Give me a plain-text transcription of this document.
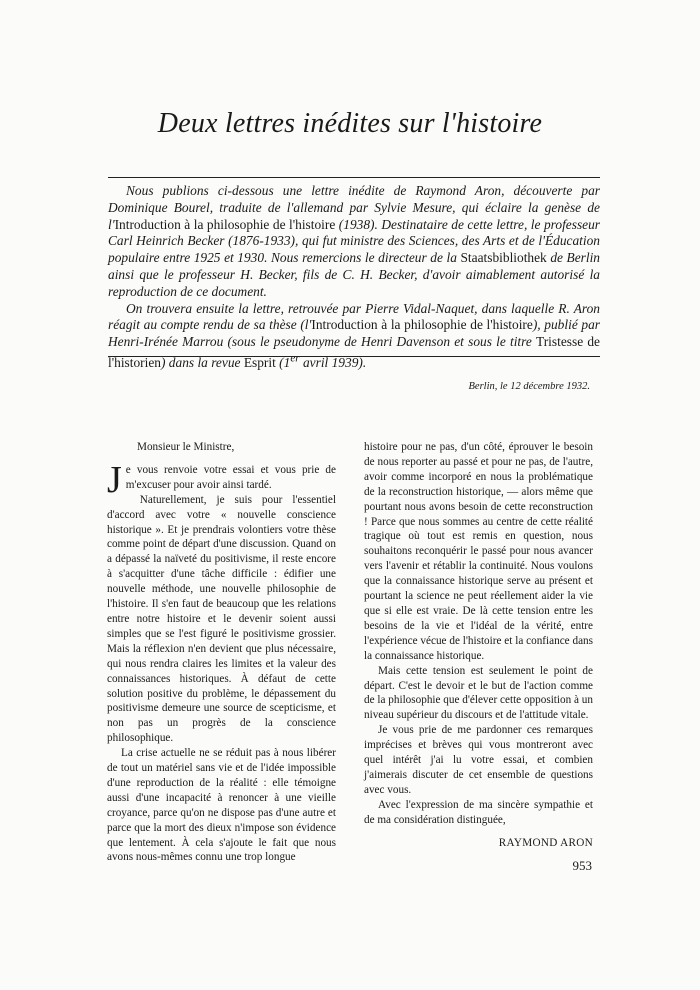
Deux lettres inédites sur l'histoire

Nous publions ci-dessous une lettre inédite de Raymond Aron, découverte par Dominique Bourel, traduite de l'allemand par Sylvie Mesure, qui éclaire la genèse de l'Introduction à la philosophie de l'histoire (1938). Destinataire de cette lettre, le professeur Carl Heinrich Becker (1876-1933), qui fut ministre des Sciences, des Arts et de l'Éducation populaire entre 1925 et 1930. Nous remercions le directeur de la Staatsbibliothek de Berlin ainsi que le professeur H. Becker, fils de C. H. Becker, d'avoir aimablement autorisé la reproduction de ce document.

On trouvera ensuite la lettre, retrouvée par Pierre Vidal-Naquet, dans laquelle R. Aron réagit au compte rendu de sa thèse (l'Introduction à la philosophie de l'histoire), publié par Henri-Irénée Marrou (sous le pseudonyme de Henri Davenson et sous le titre Tristesse de l'historien) dans la revue Esprit (1er avril 1939).

Berlin, le 12 décembre 1932.

Monsieur le Ministre,

Je vous renvoie votre essai et vous prie de m'excuser pour avoir ainsi tardé.

Naturellement, je suis pour l'essentiel d'accord avec votre « nouvelle conscience historique ». Et je prendrais volontiers votre thèse comme point de départ d'une discussion. Quand on a dépassé la naïveté du positivisme, il reste encore à s'acquitter d'une tâche difficile : édifier une nouvelle méthode, une nouvelle philosophie de l'histoire. Il s'en faut de beaucoup que les relations entre notre histoire et le devenir soient aussi simples que se l'est figuré le positivisme grossier. Mais la réflexion n'en devient que plus nécessaire, qui nous rendra claires les limites et la valeur des connaissances historiques. À défaut de cette solution positive du problème, le dépassement du positivisme demeure une source de scepticisme, et non pas un progrès de la conscience philosophique.

La crise actuelle ne se réduit pas à nous libérer de tout un matériel sans vie et de l'idée impossible d'une reproduction de la réalité : elle témoigne aussi d'une incapacité à renoncer à une vieille croyance, parce qu'on ne dispose pas d'une autre et parce que la mort des dieux n'impose son évidence que lentement. À cela s'ajoute le fait que nous avons nous-mêmes connu une trop longue

histoire pour ne pas, d'un côté, éprouver le besoin de nous reporter au passé et pour ne pas, de l'autre, avoir comme incorporé en nous la problématique de la reconstruction historique, — alors même que pourtant nous avons besoin de cette reconstruction ! Parce que nous sommes au centre de cette réalité tragique où tout est remis en question, nous souhaitons reconquérir le passé pour nous avancer vers l'avenir et rétablir la continuité. Nous voulons que la connaissance historique serve au présent et pourtant la science ne peut réellement aider la vie que si elle est vraie. De là cette tension entre les besoins de la vie et l'idéal de la vérité, entre l'expérience vécue de l'histoire et la confiance dans la connaissance historique.

Mais cette tension est seulement le point de départ. C'est le devoir et le but de l'action comme de la philosophie que d'élever cette opposition à un niveau supérieur du discours et de l'attitude vitale.

Je vous prie de me pardonner ces remarques imprécises et brèves qui vous montreront avec quel intérêt j'ai lu votre essai, et combien j'aimerais discuter de cet ensemble de questions avec vous.

Avec l'expression de ma sincère sympathie et de ma considération distinguée,

RAYMOND ARON

953
